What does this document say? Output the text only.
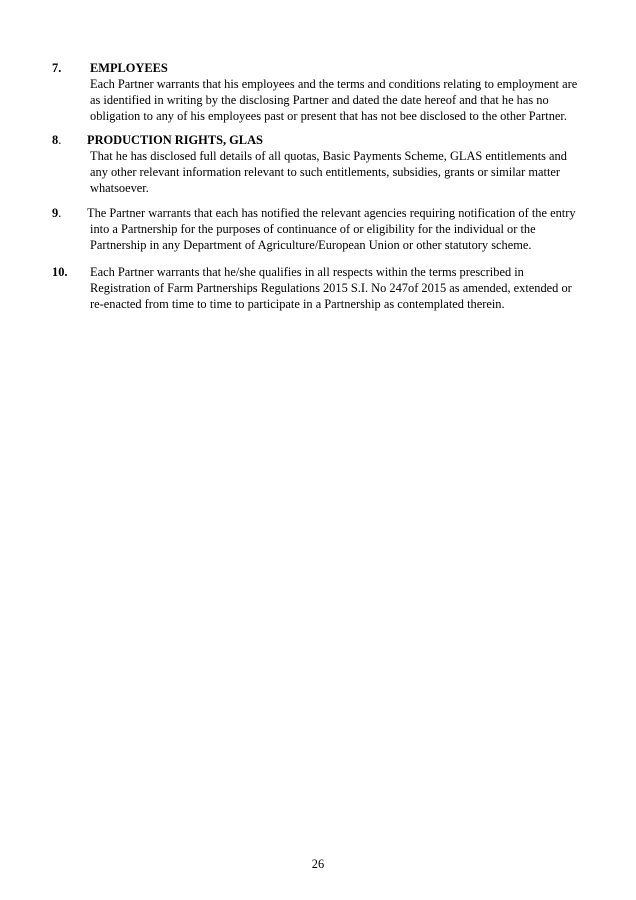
7. EMPLOYEES
Each Partner warrants that his employees and the terms and conditions relating to employment are
as identified in writing by the disclosing Partner and dated the date hereof and that he has no
obligation to any of his employees past or present that has not bee disclosed to the other Partner.
8. PRODUCTION RIGHTS, GLAS
That he has disclosed full details of all quotas, Basic Payments Scheme, GLAS entitlements and
any other relevant information relevant to such entitlements, subsidies, grants or similar matter
whatsoever.
9. The Partner warrants that each has notified the relevant agencies requiring notification of the entry
into a Partnership for the purposes of continuance of or eligibility for the individual or the
Partnership in any Department of Agriculture/European Union or other statutory scheme.
10. Each Partner warrants that he/she qualifies in all respects within the terms prescribed in
Registration of Farm Partnerships Regulations 2015 S.I. No 247of 2015 as amended, extended or
re-enacted from time to time to participate in a Partnership as contemplated therein.
26
